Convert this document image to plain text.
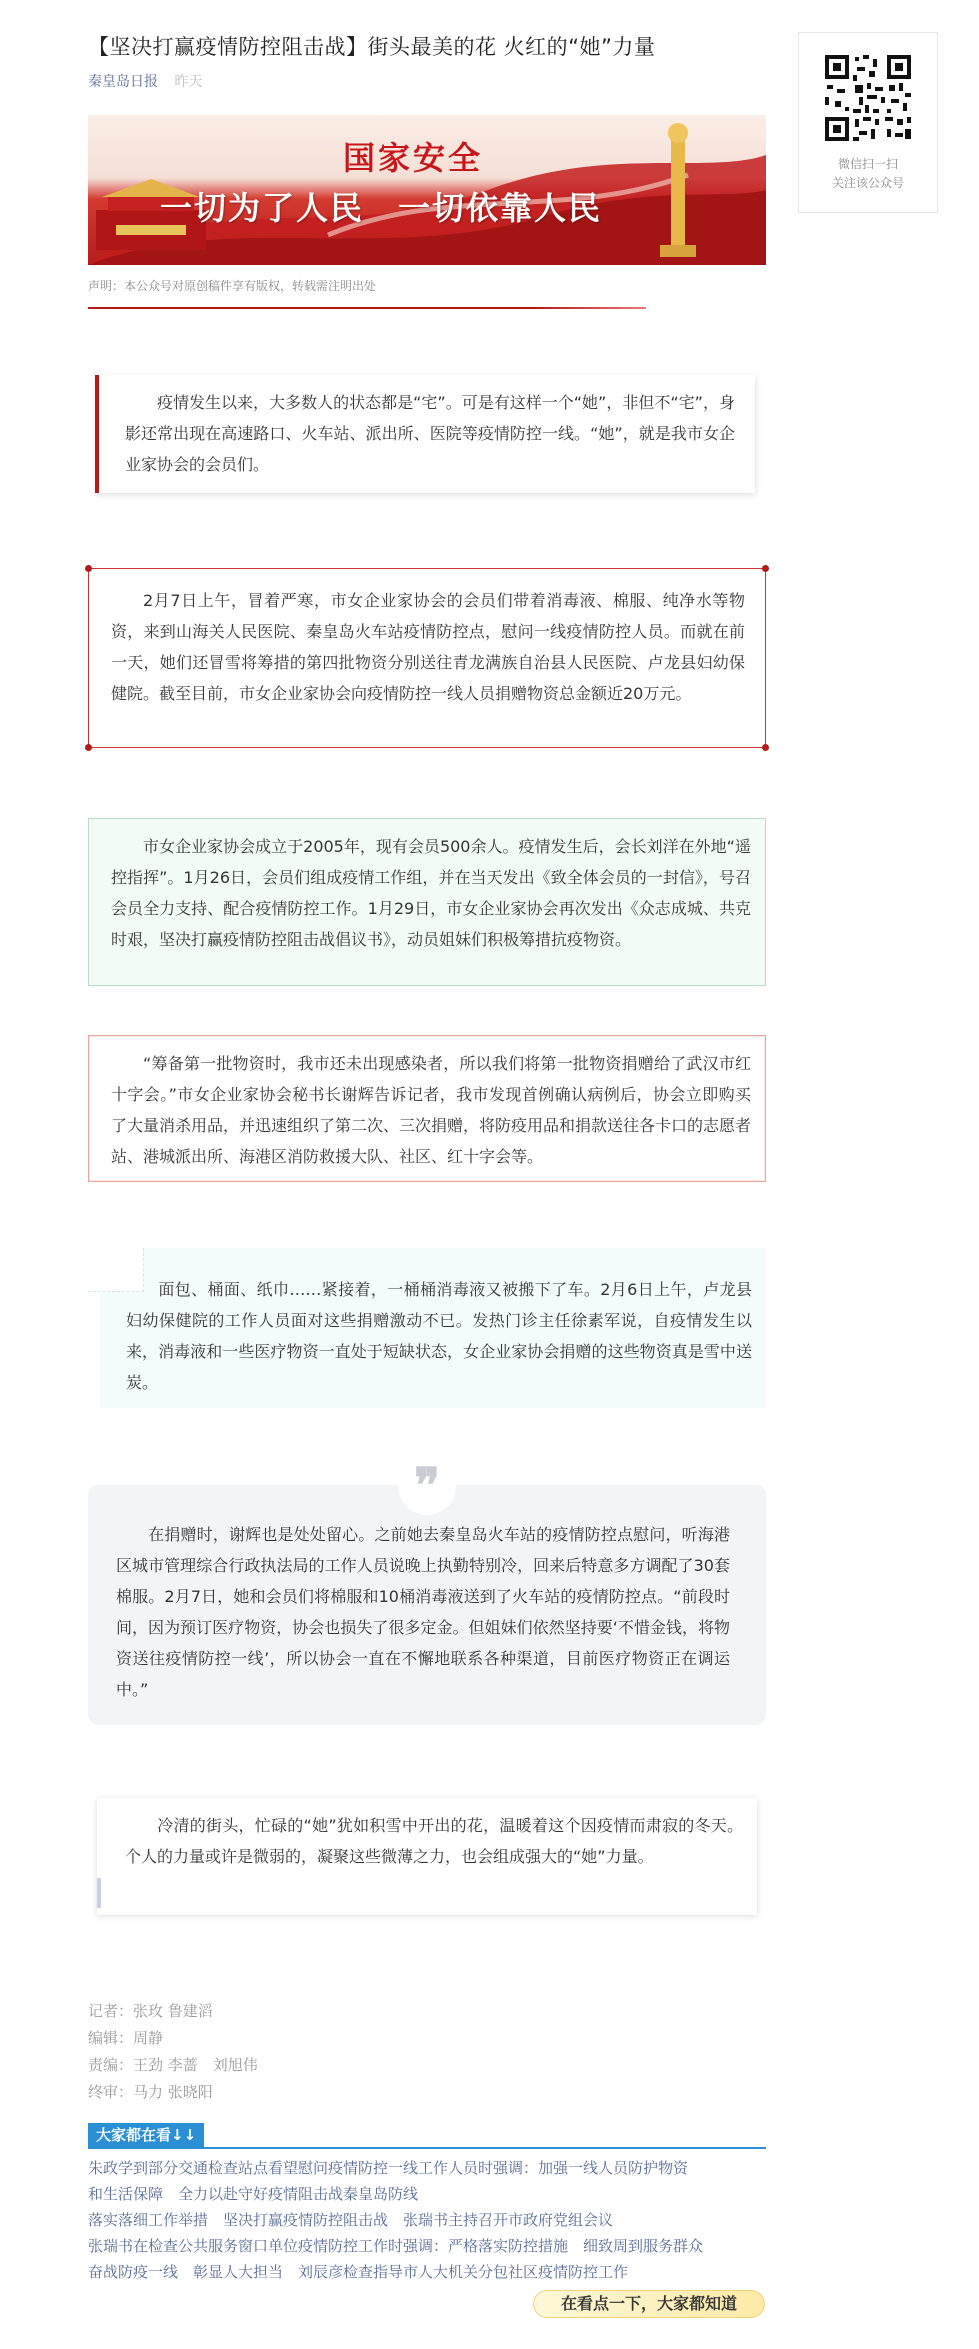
【坚决打赢疫情防控阻击战】街头最美的花 火红的“她”力量
秦皇岛日报 昨天
国家安全
一切为了人民　一切依靠人民
声明：本公众号对原创稿件享有版权，转载需注明出处

疫情发生以来，大多数人的状态都是“宅”。可是有这样一个“她”，非但不“宅”，身影还常出现在高速路口、火车站、派出所、医院等疫情防控一线。“她”，就是我市女企业家协会的会员们。

2月7日上午，冒着严寒，市女企业家协会的会员们带着消毒液、棉服、纯净水等物资，来到山海关人民医院、秦皇岛火车站疫情防控点，慰问一线疫情防控人员。而就在前一天，她们还冒雪将筹措的第四批物资分别送往青龙满族自治县人民医院、卢龙县妇幼保健院。截至目前，市女企业家协会向疫情防控一线人员捐赠物资总金额近20万元。

市女企业家协会成立于2005年，现有会员500余人。疫情发生后，会长刘洋在外地“遥控指挥”。1月26日，会员们组成疫情工作组，并在当天发出《致全体会员的一封信》，号召会员全力支持、配合疫情防控工作。1月29日，市女企业家协会再次发出《众志成城、共克时艰，坚决打赢疫情防控阻击战倡议书》，动员姐妹们积极筹措抗疫物资。

“筹备第一批物资时，我市还未出现感染者，所以我们将第一批物资捐赠给了武汉市红十字会。”市女企业家协会秘书长谢辉告诉记者，我市发现首例确认病例后，协会立即购买了大量消杀用品，并迅速组织了第二次、三次捐赠，将防疫用品和捐款送往各卡口的志愿者站、港城派出所、海港区消防救援大队、社区、红十字会等。

面包、桶面、纸巾……紧接着，一桶桶消毒液又被搬下了车。2月6日上午，卢龙县妇幼保健院的工作人员面对这些捐赠激动不已。发热门诊主任徐素军说，自疫情发生以来，消毒液和一些医疗物资一直处于短缺状态，女企业家协会捐赠的这些物资真是雪中送炭。

在捐赠时，谢辉也是处处留心。之前她去秦皇岛火车站的疫情防控点慰问，听海港区城市管理综合行政执法局的工作人员说晚上执勤特别冷，回来后特意多方调配了30套棉服。2月7日，她和会员们将棉服和10桶消毒液送到了火车站的疫情防控点。“前段时间，因为预订医疗物资，协会也损失了很多定金。但姐妹们依然坚持要‘不惜金钱，将物资送往疫情防控一线’，所以协会一直在不懈地联系各种渠道，目前医疗物资正在调运中。”

❞

冷清的街头，忙碌的“她”犹如积雪中开出的花，温暖着这个因疫情而肃寂的冬天。个人的力量或许是微弱的，凝聚这些微薄之力，也会组成强大的“她”力量。

记者：张玫 鲁建滔
编辑：周静
责编：王劲 李蔷　刘旭伟
终审：马力 张晓阳
大家都在看↓↓
朱政学到部分交通检查站点看望慰问疫情防控一线工作人员时强调：加强一线人员防护物资
和生活保障　全力以赴守好疫情阻击战秦皇岛防线
落实落细工作举措　坚决打赢疫情防控阻击战　张瑞书主持召开市政府党组会议
张瑞书在检查公共服务窗口单位疫情防控工作时强调：严格落实防控措施　细致周到服务群众
奋战防疫一线　彰显人大担当　刘辰彦检查指导市人大机关分包社区疫情防控工作
在看点一下，大家都知道
微信扫一扫
关注该公众号
